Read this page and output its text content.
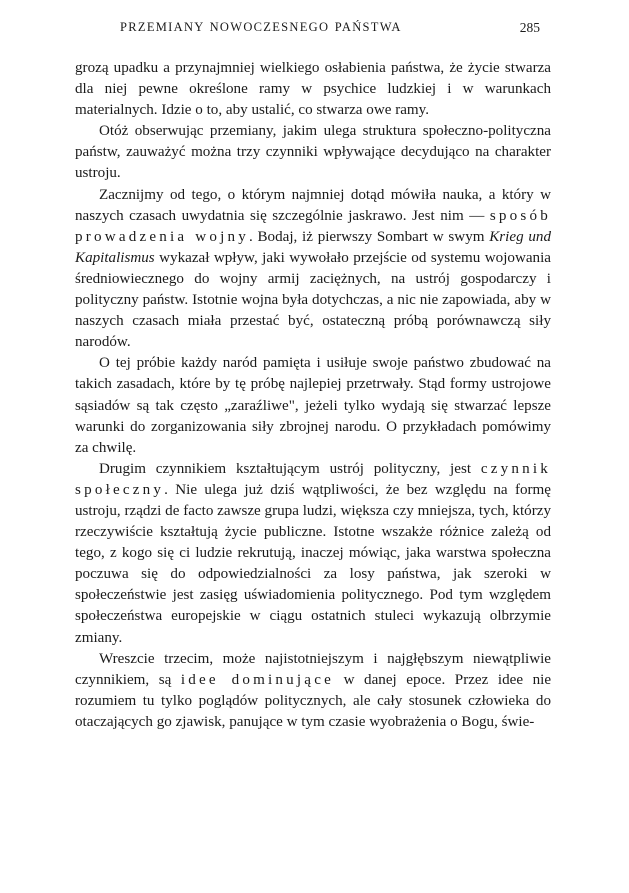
PRZEMIANY NOWOCZESNEGO PAŃSTWA	285

grozą upadku a przynajmniej wielkiego osłabienia państwa, że życie stwarza dla niej pewne określone ramy w psychice ludzkiej i w warunkach materialnych. Idzie o to, aby ustalić, co stwarza owe ramy.

Otóż obserwując przemiany, jakim ulega struktura społeczno-polityczna państw, zauważyć można trzy czynniki wpływające decydująco na charakter ustroju.

Zacznijmy od tego, o którym najmniej dotąd mówiła nauka, a który w naszych czasach uwydatnia się szczególnie jaskrawo. Jest nim — sposób prowadzenia wojny. Bodaj, iż pierwszy Sombart w swym Krieg und Kapitalismus wykazał wpływ, jaki wywołało przejście od systemu wojowania średniowiecznego do wojny armij zaciężnych, na ustrój gospodarczy i polityczny państw. Istotnie wojna była dotychczas, a nic nie zapowiada, aby w naszych czasach miała przestać być, ostateczną próbą porównawczą siły narodów.

O tej próbie każdy naród pamięta i usiłuje swoje państwo zbudować na takich zasadach, które by tę próbę najlepiej przetrwały. Stąd formy ustrojowe sąsiadów są tak często „zaraźliwe", jeżeli tylko wydają się stwarzać lepsze warunki do zorganizowania siły zbrojnej narodu. O przykładach pomówimy za chwilę.

Drugim czynnikiem kształtującym ustrój polityczny, jest czynnik społeczny. Nie ulega już dziś wątpliwości, że bez względu na formę ustroju, rządzi de facto zawsze grupa ludzi, większa czy mniejsza, tych, którzy rzeczywiście kształtują życie publiczne. Istotne wszakże różnice zależą od tego, z kogo się ci ludzie rekrutują, inaczej mówiąc, jaka warstwa społeczna poczuwa się do odpowiedzialności za losy państwa, jak szeroki w społeczeństwie jest zasięg uświadomienia politycznego. Pod tym względem społeczeństwa europejskie w ciągu ostatnich stuleci wykazują olbrzymie zmiany.

Wreszcie trzecim, może najistotniejszym i najgłębszym niewątpliwie czynnikiem, są idee dominujące w danej epoce. Przez idee nie rozumiem tu tylko poglądów politycznych, ale cały stosunek człowieka do otaczających go zjawisk, panujące w tym czasie wyobrażenia o Bogu, świe-
